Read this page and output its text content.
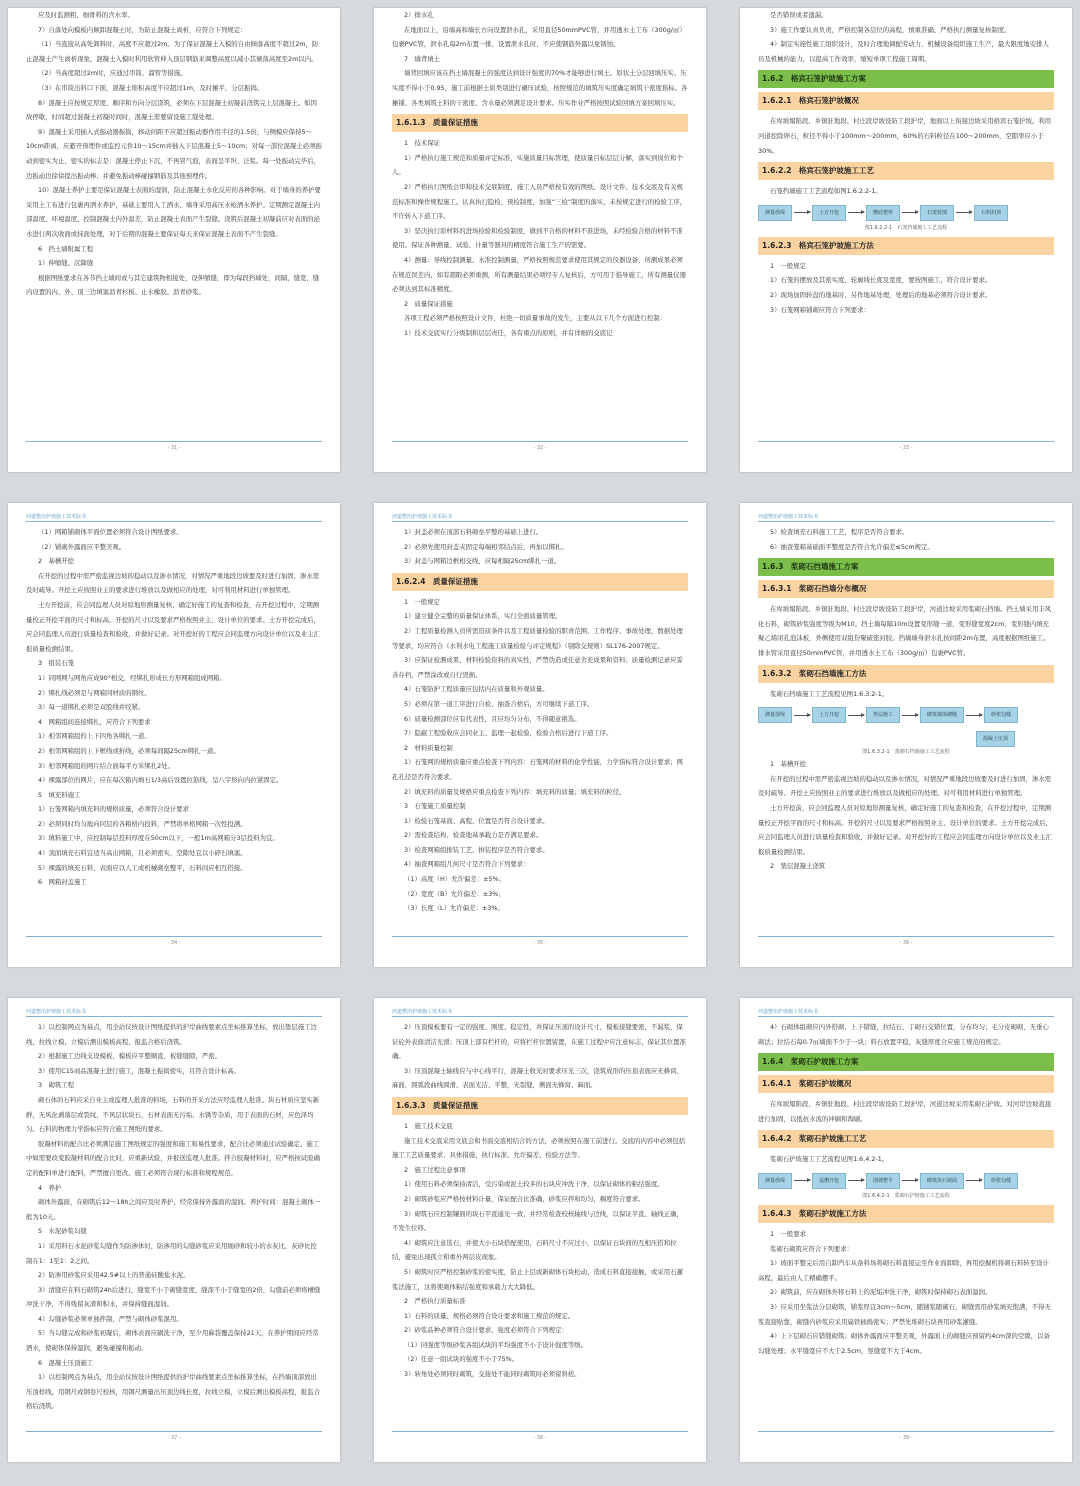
应及时监测粗、细骨料的含水率。

7）自落处向模板内倾卸混凝土时，为防止混凝土离析，应符合下列规定：

（1）当直接从高处卸料时，高度不应超过2m。为了保证混凝土入模的自由倾落高度不超过2m，防止混凝土产生离析现象，混凝土入模时利用软管伸入顶层钢筋来调整高度以减小其倾落高度至2m以内。

（2）当高度超过2m时，应通过串筒、溜管等措施。

（3）在串筒出料口下面，混凝土堆积高度不应超过1m，及时摊平，分层振捣。

8）混凝土应按规定厚度、顺序和方向分层浇筑，必须在下层混凝土初凝前浇筑完上层混凝土。如因故停歇，时间超过混凝土初凝时间时，混凝土需要留设施工缝处理。

9）混凝土采用插入式振动器振捣，移动间距不应超过振动器作用半径的1.5倍，与侧模应保持5～10cm距离，应避开预埋件或监控元件10～15cm并插入下层混凝土5～10cm；对每一部位混凝土必须振动到密实为止，密实的标志是：混凝土停止下沉，不再冒气泡，表面呈平坦、泛浆。每一处振动完毕后，边振动边徐徐提出振动棒；并避免振动棒碰撞钢筋及其他预埋件。

10）混凝土养护主要是保证混凝土表面的湿润，防止混凝土水化反应的各种影响。对于墙身的养护要采用土工布进行包裹再洒水养护，基础主要用人工洒水、墙身采用高压水枪洒水养护。定期测定混凝土内部温度、环境温度，控制混凝土内外温差，防止混凝土表面产生裂缝。浇筑后混凝土初凝前应对表面的泌水进行两次收面或抹面处理，对于后期的混凝土要保证每天来保证混凝土表面不产生裂缝。

6　挡土墙附属工程

1）伸缩缝、沉降缝

根据图纸要求在各节挡土墙间或与其它建筑物相接处，设伸缩缝，即为每段挡墙处，间隔，缝宽，缝内设置的内、外、顶三边填塞沥青杉板、止水橡胶、沥青砂浆。

- 31 -

2）排水孔

在地面以上，沿墙高和墙长方向设置泄水孔，采用直径50mmPVC管，并用透水土工布（300g/㎡）包裹PVC管，泄水孔每2m布置一排，设置泄水孔时，不应使钢筋外露以免锈蚀。

7　墙背填土

墙背回填应该在挡土墙混凝土的强度达到设计强度的70%才能够进行填土。原状土分层回填压实、压实度不得小于0.95，施工前根据土质类别进行碾压试验，按照规范的填筑压实度确定填筑干密度指标。各摊铺、各类填筑土料的干密度、含水量必须满足设计要求。压实作业严格按照试验回填方案回填压实。

1.6.1.3　质量保证措施

1　技术保证

1）严格执行施工规范和质量评定标准，实施质量目标管理，使质量目标层层分解，落实到岗位和个人。

2）严格执行图纸会审和技术交底制度，施工人员严格按有效的图纸、设计文件、技术交底及有关规范标准和操作规程施工。认真执行隐检、预检制度，加强“三检”制度的落实，未按规定进行的检验工序，不许转入下道工序。

3）坚决执行原材料的进场检验和检验制度，做到不合格的材料不准进场，未经检验合格的材料不准使用。保证各种测量、试验、计量等器具的精度符合施工生产的需要。

4）测量：导线控制测量、水准控制测量，严格按照规范要求使用其规定的仪器设备，所测成果必须在规范误差内，如有超限必须重测，所有测量结果必须经专人复核后，方可用于指导施工，所有测量仪器必须达到其标准精度。

2　质量保证措施

各项工程必须严格按照设计文件，杜绝一切质量事故的发生，主要从以下几个方面进行控制：

1）技术交底实行分级制和层层责任，各有重点的原则，并有详细的交底记

- 32 -

是否错误或者遗漏。

3）施工作要认真负责，严格控制各层位的高程，慎重准确、严格执行测量复核制度。

4）制定实施性施工组织设计，及时合理地调配劳动力、机械设备组织施工生产，最大限度地安排人员及机械的能力，以提高工作效率，缩短单项工程施工周期。

1.6.2　格宾石笼护坡施工方案
1.6.2.1　格宾石笼护坡概况

在库坡塌陷段、乡镇驻地段、村庄段岸坡设防工段护岸，地面以上衔接边坡采用格宾石笼护坡。利用河道挖除卵石，粒径不得小于100mm～200mm，60%的石料粒径在100～200mm，空隙率应小于30%。

1.6.2.2　格宾石笼护坡施工工艺

石笼挡墙施工工艺流程如图1.6.2.2-1。

测量放线	土方开挖	槽底整形	石笼装填	石料封顶
图1.6.2.2-1　石笼挡墙施工工艺流程
1.6.2.3　格宾石笼护坡施工方法

1　一般规定

1）石笼的摆放及其密实度、轮廓线长度及宽度，要按图施工，符合设计要求。

2）现场加固转盘的地基时，另作地基处理，处理后的地基必须符合设计要求。

3）石笼网箱铺砌应符合下列要求：

- 33 -
河道整治护坡施工技术标书

（1）网箱铺砌体平面位置必须符合设计图纸要求。

（2）铺砌外露面应平整美观。

2　基槽开挖

在开挖的过程中需严密监视边坡的稳动以及渗水情况，对情况严重地段边坡要及时进行加固，渗水需及时疏导。开挖土应按照业主的要求进行堆放以及做相应的处理，对可利用材料进行单独管理。

土方开挖前，应会同监理人员对原地形测量复核，确定好施工的复查和检查，在开挖过程中，定期测量校正开挖平面的尺寸和标高。开挖的尺寸以及要求严格按照业主、设计单位的要求。土方开挖完成后，应会同监理人员进行质量检查和验收，并做好记录。对开挖好的工程应会同监理方向设计单位以及业主汇报质量检测结果。

3　组装石笼

1）同网网与网角应成90°相交，经绑扎形成长方形网箱组成网箱。

2）绑扎线必须是与网箱同材质的钢丝。

3）每一道绑扎必须是双股线并绞紧。

4　网箱组间连接绑扎，应符合下列要求

1）相邻网箱组的上下四角各绑扎一道。

2）相邻网箱组的上下框线或折线，必须每间隔25cm绑扎一道。

3）相邻网箱组的网片结合面每平方米绑扎2处。

4）裸露部位的网片，应在每次箱内填石1/3高后设置拉筋线，呈八字形向内拉紧固定。

5　填充料施工

1）石笼网箱内填充料的规格质量，必须符合设计要求

2）必须同时均匀地向同层的各箱格内投料，严禁将单格网箱一次性投满。

3）填料施工中，应控制每层投料厚度在50cm以下，一般1m高网箱分3层投料为宜。

4）顶面填充石料宜适当高出网箱，且必须密实，空隙处宜以小碎石填塞。

5）裸露的填充石料，表面应以人工或机械砌垒整平，石料间应相互搭接。

6　网箱封盖施工

- 34 -
河道整治护坡施工技术标书

1）封盖必须在顶部石料砌垒平整的基础上进行。

2）必须先使用封盖夹固定每端相邻结点后，再加以绑扎。

3）封盖与网箱边框相交线，应每相隔25cm绑扎一道。

1.6.2.4　质量保证措施

1　一般规定

1）建立健全完整的质量保证体系，实行全面质量管理。

2）工程质量检测人员所需资质条件以及工程质量检验的职责范围、工作程序、事故处理、数据处理等要求，均应符合《水利水电工程施工质量检验与评定规程》（剔除交规则）SL176-2007规定。

3）应保证检测成果、材料检验资料的真实性，严禁伪造或任意舍充成果和资料；质量检测记录应妥善存档，严禁涂改或自行毁损。

4）石笼防护工程质量应包括内在质量和外观质量。

5）必须在第一道工序进行自检、抽查合格后，方可继续下道工序。

6）质量检测部位应有代表性，且应均匀分布，不得随意挑选。

7）隐蔽工程验收应会同业主、监理一起检验，检验合格后进行下道工序。

2　材料质量控制

1）石笼网的规格质量应重点检查下列内容：石笼网的材料的化学性能，力学指标符合设计要求；网孔孔径是否符合要求。

2）填充料的质量及规格应重点检查下列内容：填充料的质量；填充料的粒径。

3　石笼施工质量控制

1）检验石笼基面、高程、位置是否符合设计要求。

2）需检查结构、检查地基承载力是否满足要求。

3）检查网箱组排装工艺、拼装程序是否符合要求。

4）抽查网箱组几何尺寸是否符合下列要求：

（1）高度（H）允许偏差：±5%；

（2）宽度（B）允许偏差：±3%；

（3）长度（L）允许偏差：±3%。

- 35 -
河道整治护坡施工技术标书

5）检查填充石料施工工艺，程序是否符合要求。

6）抽查笼箱基础面平整度是否符合允许偏差≤5cm规定。

1.6.3　浆砌石挡墙施工方案
1.6.3.1　浆砌石挡墙分布概况

在库坡塌陷段、乡镇驻地段、村庄段岸坡设防工段护岸，河道边坡采用浆砌石挡墙。挡土墙采用丰风化石料，砌筑砂浆强度等级为M10。挡土墙每隔10m设置变形缝一道，变形缝宽度2cm，变形缝内填充聚乙烯闭孔泡沫板，外侧使用双组份聚硫密封胶。挡墙墙身泄水孔按间距2m布置，高度根据图纸施工。排水管采用直径50mmPVC管，并用透水土工布（300g/㎡）包裹PVC管。

1.6.3.2　浆砌石挡墙施工方法

浆砌石挡墙施工工艺流程见图1.6.3.2-1。

测量放线	土方开挖	垫层施工	砌筑墙体砌缝	砂浆勾缝
混凝土压顶
图1.6.3.2-1　浆砌石挡墙施工工艺流程

1　基槽开挖

在开挖的过程中需严密监视边坡的稳动以及渗水情况，对情况严重地段边坡要及时进行加固，渗水需及时疏导。开挖土应按照业主的要求进行堆放以及做相应的处理。对可利用材料进行单独管理。

土方开挖前，应会同监理人员对原地形测量复核，确定好施工的复查和检查，在开挖过程中，定期测量校正开挖平面的尺寸和标高。开挖的尺寸以及要求严格按照业主、设计单位的要求。土方开挖完成后，应会同监理人员进行质量检查和验收，并做好记录。对开挖好的工程应会同监理方向设计单位以及业主汇报质量检测结果。

2　垫层混凝土浇筑

- 36 -
河道整治护坡施工技术标书

1）以控制网点为基点，用全站仪按设计图纸提供的护岸曲线要素点坐标推算坐标，放出垫层施工边线，拉线立模，立模后测出模板高程，报监合格后浇筑。

2）根据施工边线支设模板，模板应平整顺直，板缝缝隙，严密。

3）使用C15商品混凝土进行施工，混凝土振捣密实，且符合设计标高。

3　砌筑工程

砌石体的石料应采自业主或监理人批准的料场，石料的开采方法应经监理人批准。块石材质应坚实新鲜，无风化剥落层或裂纹，不风层状块石，石材表面无污垢、水锈等杂质，用于表面的石材，应色泽均匀。石料的物理力学指标应符合施工图纸的要求。

胶凝材料的配合比必须满足施工图纸规定的强度和施工和易性要求，配合比必须通过试验确定。施工中如需要改变胶凝材料的配合比时，应重新试验，并报送监理人批准。拌合胶凝材料时，应严格按试验确定的配料单进行配料，严禁擅自更改。施工必须符合现行标准和规程规范。

4　养护

砌体外露面，在砌筑后12～18h之间应及时养护，经常保持外露面的湿润。养护时间：混凝土砌体一般为10天。

5　水泥砂浆勾缝

1）采用料石水泥砂浆勾缝作为防渗体时，防渗用的勾缝砂浆应采用细砂和较小的水灰比，灰砂比控制在1：1至1：2之间。

2）防渗用砂浆应采用42.5#以上的普通硅酸盐水泥。

3）清缝应在料石砌筑24h后进行，缝宽不小于砌缝宽度，缝深不小于缝宽的2倍，勾缝前必须将槽缝冲洗干净，不得残留灰渣和积水，并保持缝面湿润。

4）勾缝砂浆必须单独拌制，严禁与砌体砂浆混用。

5）当勾缝完成和砂浆初凝后，砌体表面应刷洗干净，至少用麻袋覆盖保持21天，在养护期间应经常洒水，使砌体保持湿润，避免碰撞和振动。

6　混凝土压顶施工

1）以控制网点为基点，用全站仪按设计图纸提供的护岸曲线要素点坐标推算坐标，在挡墙顶部放出压顶样线，用钢尺或钢卷尺校核，用钢尺测量出压顶边线长度，拉线立模，立模后测出模板高程，报监合格后浇筑。

- 37 -
河道整治护坡施工技术标书

2）压顶模板要有一定的强度、刚度、稳定性，并保证压顶的设计尺寸，模板接缝要密，不漏浆，保证砼外表面清洁光滑；压顶上部有栏杆的，应将栏杆位置留置，在施工过程中应注意标志，保证其位置准确。

3）压顶混凝土轴线应与中心线平行，混凝土收光时要求压光三次，浇筑成形的压顶表面应无蜂窝、麻面，圆弧段曲线圆滑、表面光洁、平整，无裂缝，侧面无蜂窝、麻面。

1.6.3.3　质量保证措施

1　施工技术交底

施工技术交底采用文底会和书面交底相结合的方法，必须按照在施工前进行。交底的内容中必须包括施工工艺质量要求、具体措施、执行标准、允许偏差、检验方法等。

2　施工过程注意事项

1）使用石料必须保持清洁，受污染或泥土较多的石块应冲洗干净，以保证砌体的粘结强度。

2）砌筑砂浆应严格按材料计量，保证配合比准确，砂浆应拌和均匀，稠度符合要求。

3）砌筑石应控制镶面的块石平直通光一致，并经常检查校核轴线与边线，以保证平直、轴线正确，不发生位移。

4）砌筑应注意选石，并使大小石块搭配使用，石料尺寸不应过小，以保证石块间的互相压搭和拉结，避免出现孤立和重外两层皮现象。

5）砌筑时应严格控制砂浆的密实度，防止上层或新砌体石块松动、造成石料直接接触，或采用石灌浆法施工，这将使砌体粘结强度和承载力大大降低。

2　严格执行质量标准

1）石料的质量、规格必须符合设计要求和施工规范的规定。

2）砂浆品种必须符合设计要求，强度必须符合下列规定：

（1）同强度等级砂浆各组试块的平均强度不小于设计强度等级。

（2）任意一组试块的强度不小于75%。

3）转角处必须同时砌筑，交接处不能同时砌筑时必须留斜槎。

- 38 -
河道整治护坡施工技术标书

4）石砌体组砌应内外搭砌，上下错缝，拉结石、丁砌石交错位置，分布均匀；毛分皮砌砌，无垂心砌法；拉结石每0.7㎡墙面不少于一块；料石放置平稳，灰缝厚度合应施工规范的规定。

1.6.4　浆砌石护坡施工方案
1.6.4.1　浆砌石护坡概况

在库坡塌陷段、乡镇驻地段、村庄段岸坡设防工段护岸，河道边坡采用浆砌石护坡。对河岸边坡直接进行加固，以抵抗水流的冲刷和淘刷。

1.6.4.2　浆砌石护坡施工工艺

浆砌石护坡施工工艺流程见图1.6.4.2-1。

测量放线	基槽开挖	削坡整平	砌筑块石坡面	砂浆勾缝
图1.6.4.2-1　浆砌石护坡施工工艺流程
1.6.4.3　浆砌石护坡施工方法

1　一般要求

浆砌石砌筑应符合下列要求：

1）坡面平整完后用自卸汽车从备料场将砌石料直接运至作业面卸除，再用挖掘机将砌石料转至设计高程，最后由人工精确摆平。

2）砌筑前，应在砌体外将石料上的泥垢冲洗干净，砌筑时保持砌石表面湿润。

3）应采用坐浆法分层砌筑，铺浆厚宜3cm～5cm，随铺浆随砌石，砌缝需用砂浆填充饱满，不得无浆直接贴靠，砌缝内砂浆应采用扁铁插捣密实；严禁先堆砌石块再用砂浆灌缝。

4）上下层砌石应错缝砌筑；砌体外露面应平整美观，外露面上的砌缝应预留约4cm深的空隙，以备勾缝处理；水平缝宽应不大于2.5cm，竖缝宽不大于4cm。

- 39 -
